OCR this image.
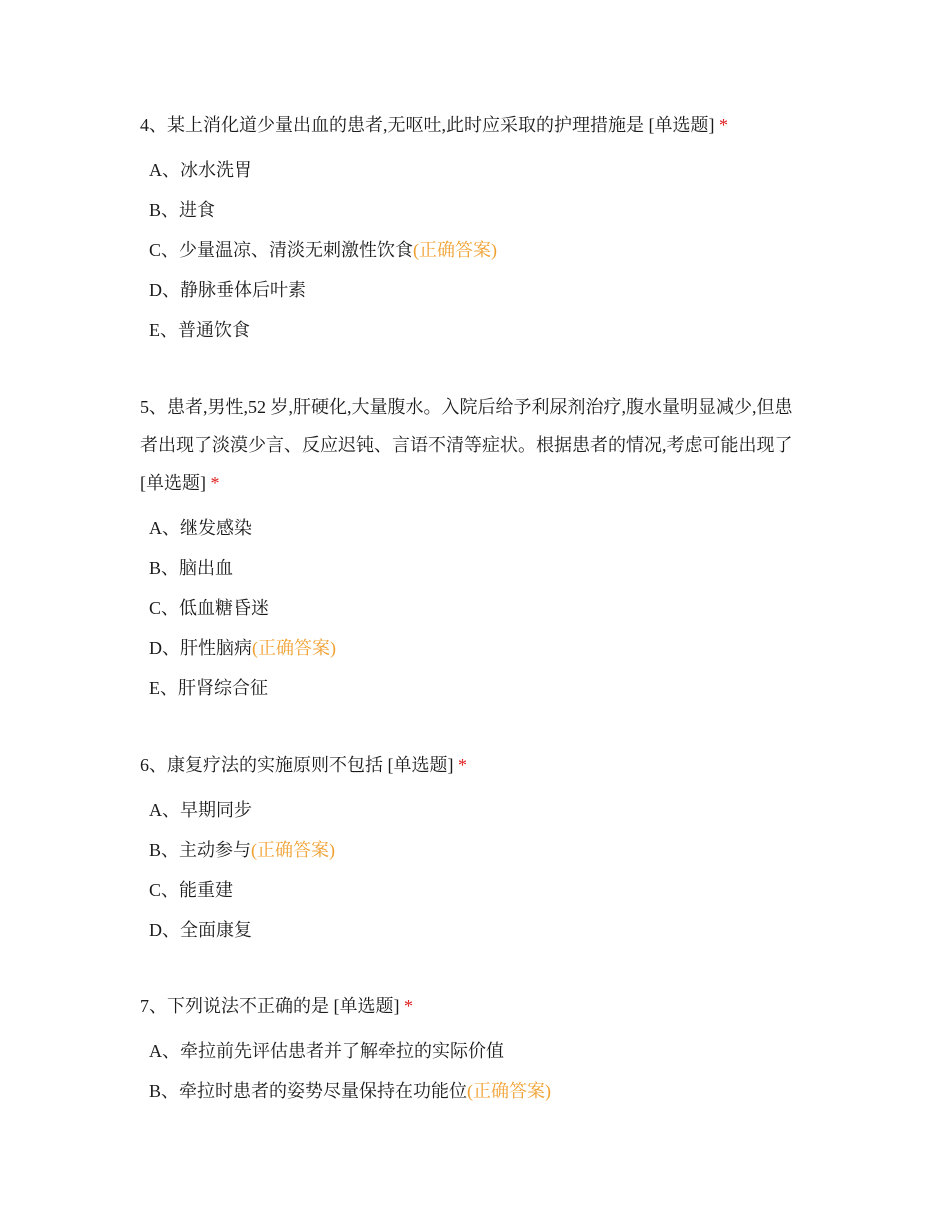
4、某上消化道少量出血的患者,无呕吐,此时应采取的护理措施是 [单选题] *

A、冰水洗胃
B、进食
C、少量温凉、清淡无刺激性饮食(正确答案)
D、静脉垂体后叶素
E、普通饮食

5、患者,男性,52 岁,肝硬化,大量腹水。入院后给予利尿剂治疗,腹水量明显减少,但患者出现了淡漠少言、反应迟钝、言语不清等症状。根据患者的情况,考虑可能出现了 [单选题] *

A、继发感染
B、脑出血
C、低血糖昏迷
D、肝性脑病(正确答案)
E、肝肾综合征

6、康复疗法的实施原则不包括 [单选题] *

A、早期同步
B、主动参与(正确答案)
C、能重建
D、全面康复

7、下列说法不正确的是 [单选题] *

A、牵拉前先评估患者并了解牵拉的实际价值
B、牵拉时患者的姿势尽量保持在功能位(正确答案)
